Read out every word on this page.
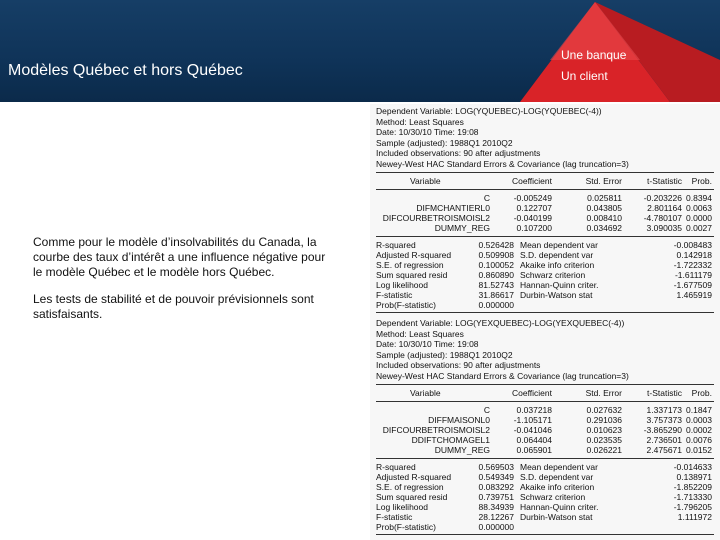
Modèles Québec et hors Québec
Une banque
Un client
Comme pour le modèle d’insolvabilités du Canada, la courbe des taux d’intérêt a une influence négative pour le modèle Québec et le modèle hors Québec.
Les tests de stabilité et de pouvoir prévisionnels sont satisfaisants.
Dependent Variable: LOG(YQUEBEC)-LOG(YQUEBEC(-4))
Method: Least Squares
Date: 10/30/10 Time: 19:08
Sample (adjusted): 1988Q1 2010Q2
Included observations: 90 after adjustments
Newey-West HAC Standard Errors & Covariance (lag truncation=3)
Variable	Coefficient	Std. Error	t-Statistic	Prob.
C	-0.005249	0.025811	-0.203226 0.8394
DIFMCHANTIERL0	0.122707	0.043805	2.801164 0.0063
DIFCOURBETROISMOISL2	-0.040199	0.008410	-4.780107 0.0000
DUMMY_REG	0.107200	0.034692	3.090035 0.0027
R-squared	0.526428 Mean dependent var	-0.008483
Adjusted R-squared	0.509908 S.D. dependent var	0.142918
S.E. of regression	0.100052 Akaike info criterion	-1.722332
Sum squared resid	0.860890 Schwarz criterion	-1.611179
Log likelihood	81.52743 Hannan-Quinn criter.	-1.677509
F-statistic	31.86617 Durbin-Watson stat	1.465919
Prob(F-statistic)	0.000000
Dependent Variable: LOG(YEXQUEBEC)-LOG(YEXQUEBEC(-4))
Method: Least Squares
Date: 10/30/10 Time: 19:08
Sample (adjusted): 1988Q1 2010Q2
Included observations: 90 after adjustments
Newey-West HAC Standard Errors & Covariance (lag truncation=3)
Variable	Coefficient	Std. Error	t-Statistic	Prob.
C	0.037218	0.027632	1.337173 0.1847
DIFFMAISONL0	-1.105171	0.291036	3.757373 0.0003
DIFCOURBETROISMOISL2	-0.041046	0.010623	-3.865290 0.0002
DDIFTCHOMAGEL1	0.064404	0.023535	2.736501 0.0076
DUMMY_REG	0.065901	0.026221	2.475671 0.0152
R-squared	0.569503 Mean dependent var	-0.014633
Adjusted R-squared	0.549349 S.D. dependent var	0.138971
S.E. of regression	0.083292 Akaike info criterion	-1.852209
Sum squared resid	0.739751 Schwarz criterion	-1.713330
Log likelihood	88.34939 Hannan-Quinn criter.	-1.796205
F-statistic	28.12267 Durbin-Watson stat	1.111972
Prob(F-statistic)	0.000000
